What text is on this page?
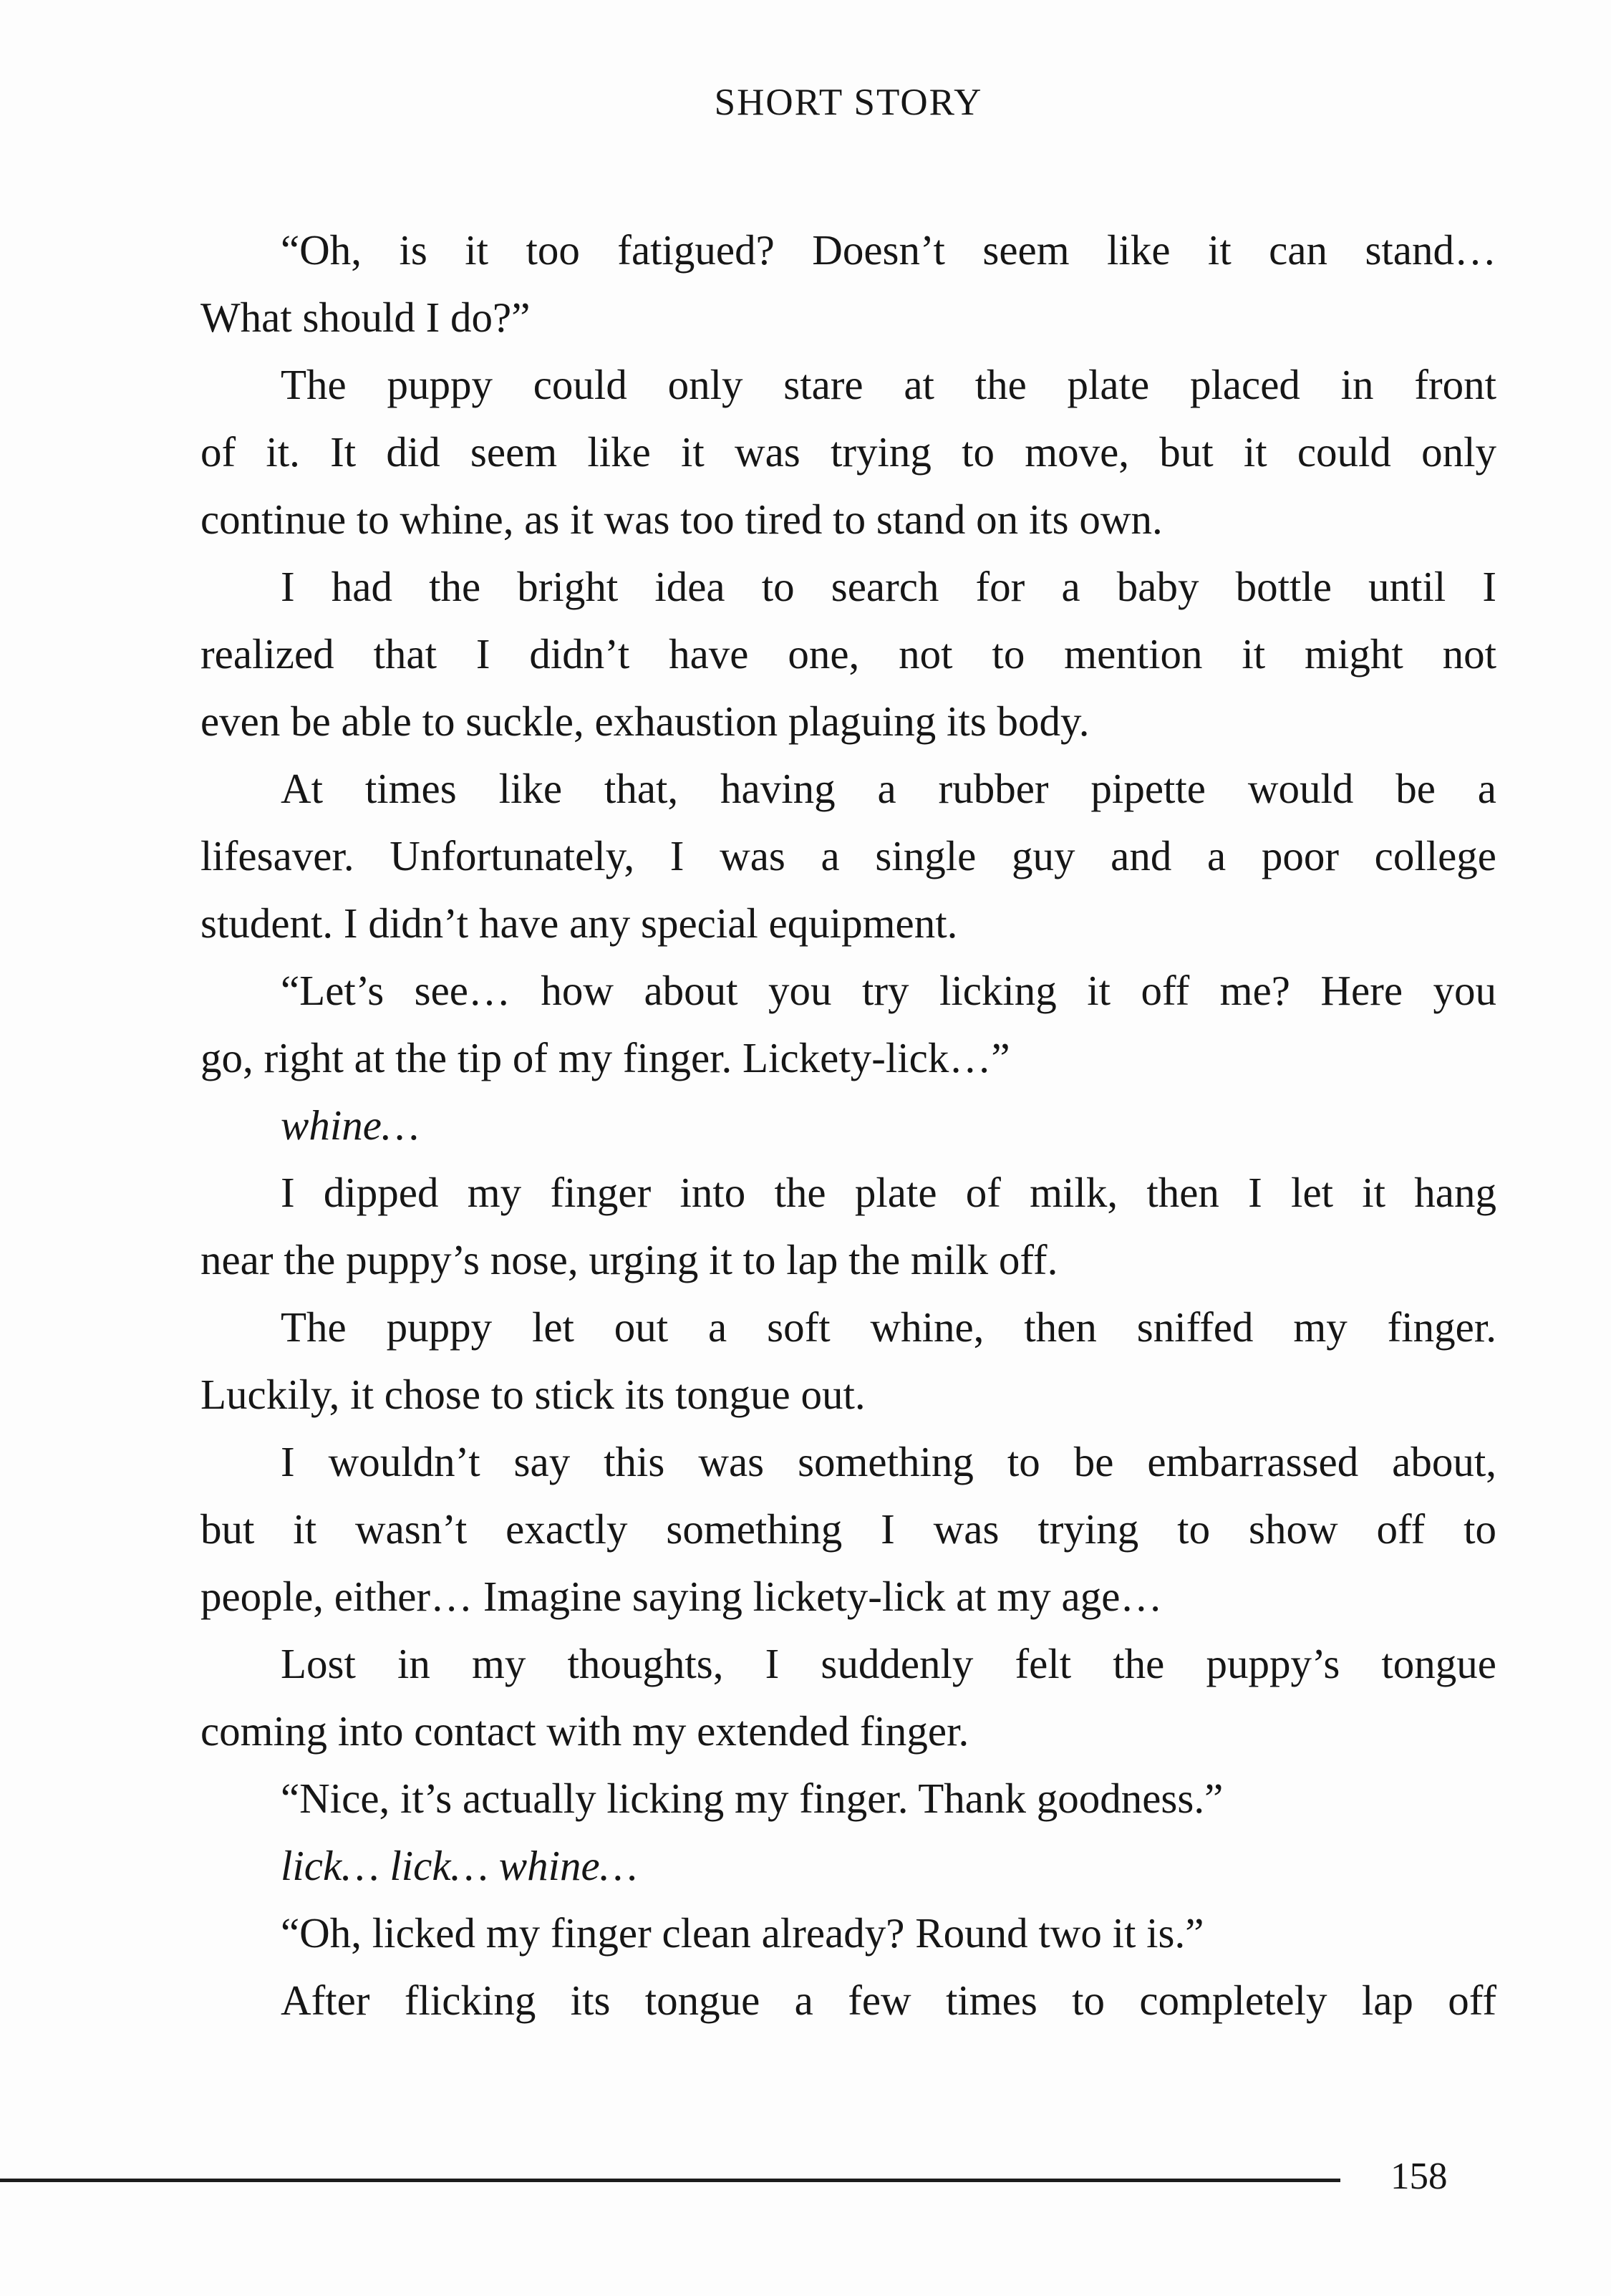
SHORT STORY
“Oh, is it too fatigued? Doesn’t seem like it can stand…
What should I do?”
The puppy could only stare at the plate placed in front
of it. It did seem like it was trying to move, but it could only
continue to whine, as it was too tired to stand on its own.
I had the bright idea to search for a baby bottle until I
realized that I didn’t have one, not to mention it might not
even be able to suckle, exhaustion plaguing its body.
At times like that, having a rubber pipette would be a
lifesaver. Unfortunately, I was a single guy and a poor college
student. I didn’t have any special equipment.
“Let’s see… how about you try licking it off me? Here you
go, right at the tip of my finger. Lickety-lick…”
whine…
I dipped my finger into the plate of milk, then I let it hang
near the puppy’s nose, urging it to lap the milk off.
The puppy let out a soft whine, then sniffed my finger.
Luckily, it chose to stick its tongue out.
I wouldn’t say this was something to be embarrassed about,
but it wasn’t exactly something I was trying to show off to
people, either… Imagine saying lickety-lick at my age…
Lost in my thoughts, I suddenly felt the puppy’s tongue
coming into contact with my extended finger.
“Nice, it’s actually licking my finger. Thank goodness.”
lick… lick… whine…
“Oh, licked my finger clean already? Round two it is.”
After flicking its tongue a few times to completely lap off
158
